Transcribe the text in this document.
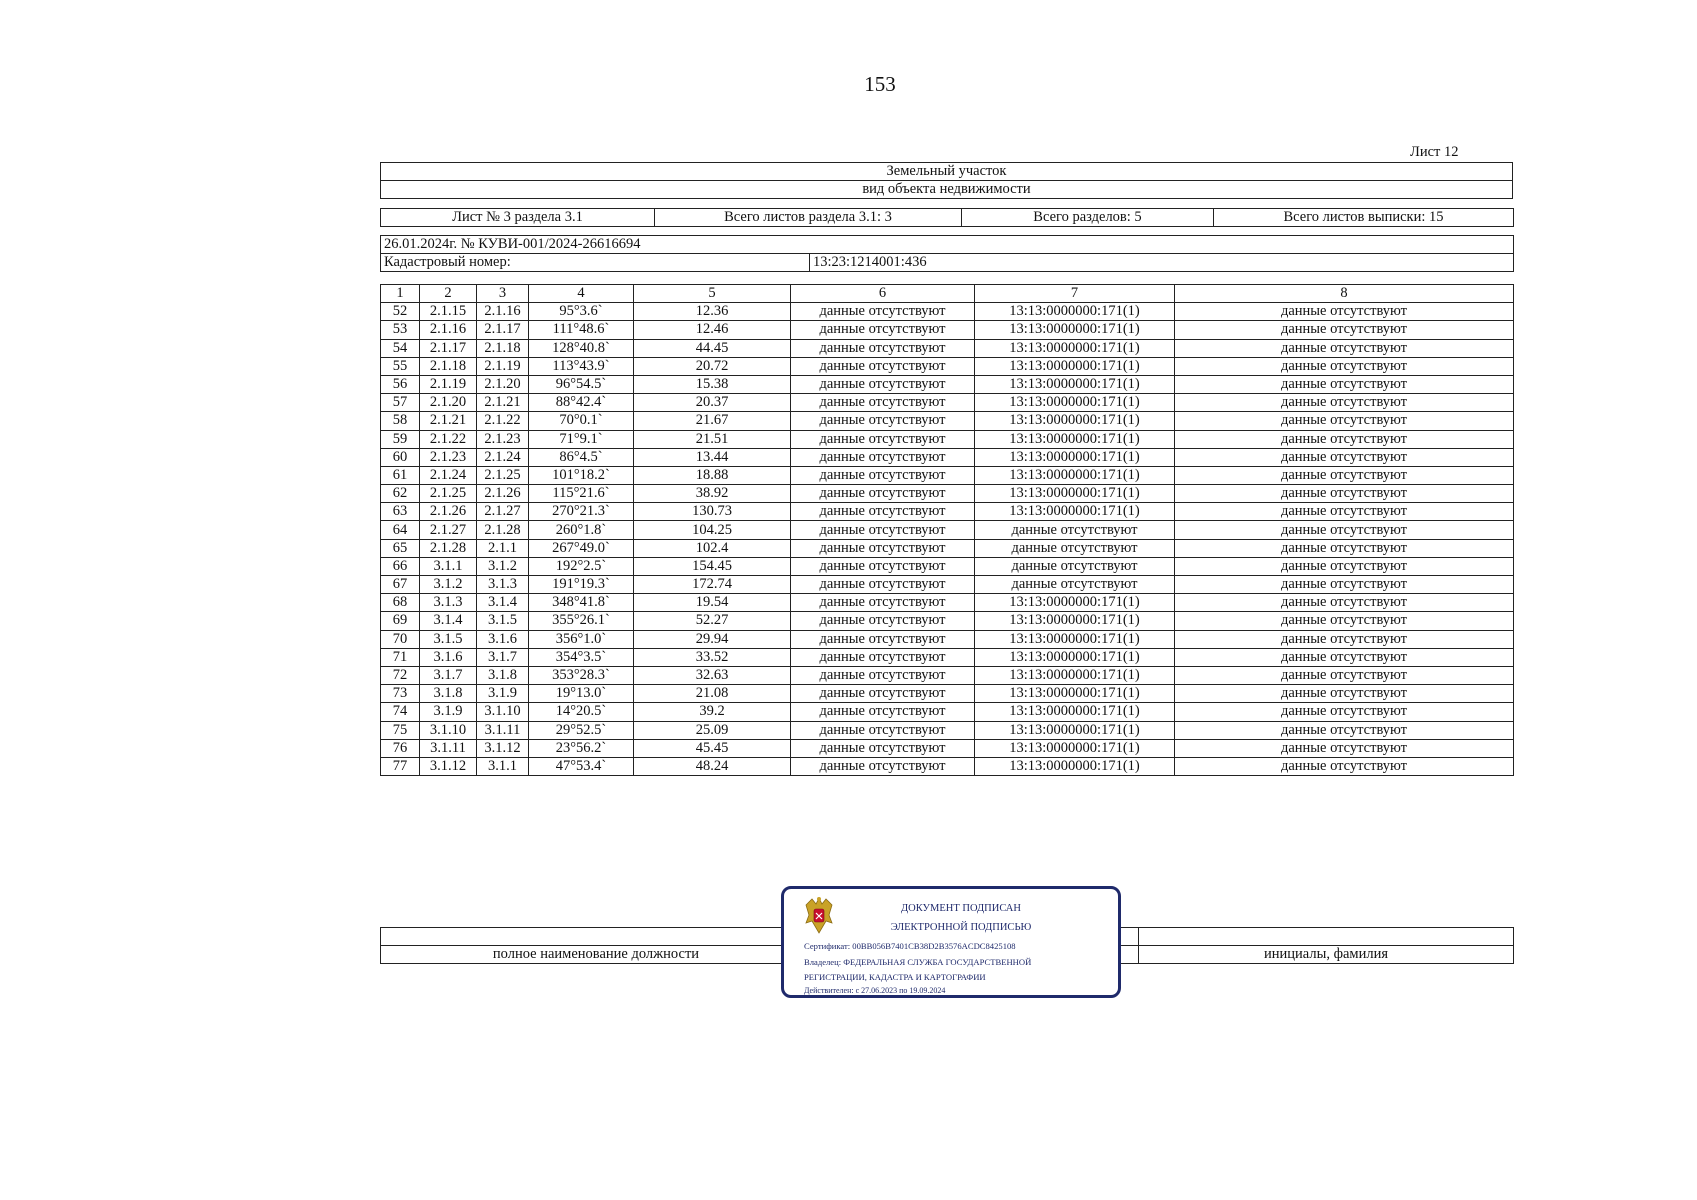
153
Лист 12
Земельный участок
вид объекта недвижимости
Лист № 3 раздела 3.1	Всего листов раздела 3.1: 3	Всего разделов: 5	Всего листов выписки: 15
26.01.2024г. № КУВИ-001/2024-26616694
Кадастровый номер:	13:23:1214001:436
1	2	3	4	5	6	7	8
52	2.1.15	2.1.16	95°3.6`	12.36	данные отсутствуют	13:13:0000000:171(1)	данные отсутствуют
53	2.1.16	2.1.17	111°48.6`	12.46	данные отсутствуют	13:13:0000000:171(1)	данные отсутствуют
54	2.1.17	2.1.18	128°40.8`	44.45	данные отсутствуют	13:13:0000000:171(1)	данные отсутствуют
55	2.1.18	2.1.19	113°43.9`	20.72	данные отсутствуют	13:13:0000000:171(1)	данные отсутствуют
56	2.1.19	2.1.20	96°54.5`	15.38	данные отсутствуют	13:13:0000000:171(1)	данные отсутствуют
57	2.1.20	2.1.21	88°42.4`	20.37	данные отсутствуют	13:13:0000000:171(1)	данные отсутствуют
58	2.1.21	2.1.22	70°0.1`	21.67	данные отсутствуют	13:13:0000000:171(1)	данные отсутствуют
59	2.1.22	2.1.23	71°9.1`	21.51	данные отсутствуют	13:13:0000000:171(1)	данные отсутствуют
60	2.1.23	2.1.24	86°4.5`	13.44	данные отсутствуют	13:13:0000000:171(1)	данные отсутствуют
61	2.1.24	2.1.25	101°18.2`	18.88	данные отсутствуют	13:13:0000000:171(1)	данные отсутствуют
62	2.1.25	2.1.26	115°21.6`	38.92	данные отсутствуют	13:13:0000000:171(1)	данные отсутствуют
63	2.1.26	2.1.27	270°21.3`	130.73	данные отсутствуют	13:13:0000000:171(1)	данные отсутствуют
64	2.1.27	2.1.28	260°1.8`	104.25	данные отсутствуют	данные отсутствуют	данные отсутствуют
65	2.1.28	2.1.1	267°49.0`	102.4	данные отсутствуют	данные отсутствуют	данные отсутствуют
66	3.1.1	3.1.2	192°2.5`	154.45	данные отсутствуют	данные отсутствуют	данные отсутствуют
67	3.1.2	3.1.3	191°19.3`	172.74	данные отсутствуют	данные отсутствуют	данные отсутствуют
68	3.1.3	3.1.4	348°41.8`	19.54	данные отсутствуют	13:13:0000000:171(1)	данные отсутствуют
69	3.1.4	3.1.5	355°26.1`	52.27	данные отсутствуют	13:13:0000000:171(1)	данные отсутствуют
70	3.1.5	3.1.6	356°1.0`	29.94	данные отсутствуют	13:13:0000000:171(1)	данные отсутствуют
71	3.1.6	3.1.7	354°3.5`	33.52	данные отсутствуют	13:13:0000000:171(1)	данные отсутствуют
72	3.1.7	3.1.8	353°28.3`	32.63	данные отсутствуют	13:13:0000000:171(1)	данные отсутствуют
73	3.1.8	3.1.9	19°13.0`	21.08	данные отсутствуют	13:13:0000000:171(1)	данные отсутствуют
74	3.1.9	3.1.10	14°20.5`	39.2	данные отсутствуют	13:13:0000000:171(1)	данные отсутствуют
75	3.1.10	3.1.11	29°52.5`	25.09	данные отсутствуют	13:13:0000000:171(1)	данные отсутствуют
76	3.1.11	3.1.12	23°56.2`	45.45	данные отсутствуют	13:13:0000000:171(1)	данные отсутствуют
77	3.1.12	3.1.1	47°53.4`	48.24	данные отсутствуют	13:13:0000000:171(1)	данные отсутствуют

полное наименование должности	инициалы, фамилия
ДОКУМЕНТ ПОДПИСАН
ЭЛЕКТРОННОЙ ПОДПИСЬЮ
Сертификат: 00BB056B7401CB38D2B3576ACDC8425108
Владелец: ФЕДЕРАЛЬНАЯ СЛУЖБА ГОСУДАРСТВЕННОЙ
РЕГИСТРАЦИИ, КАДАСТРА И КАРТОГРАФИИ
Действителен: с 27.06.2023 по 19.09.2024
